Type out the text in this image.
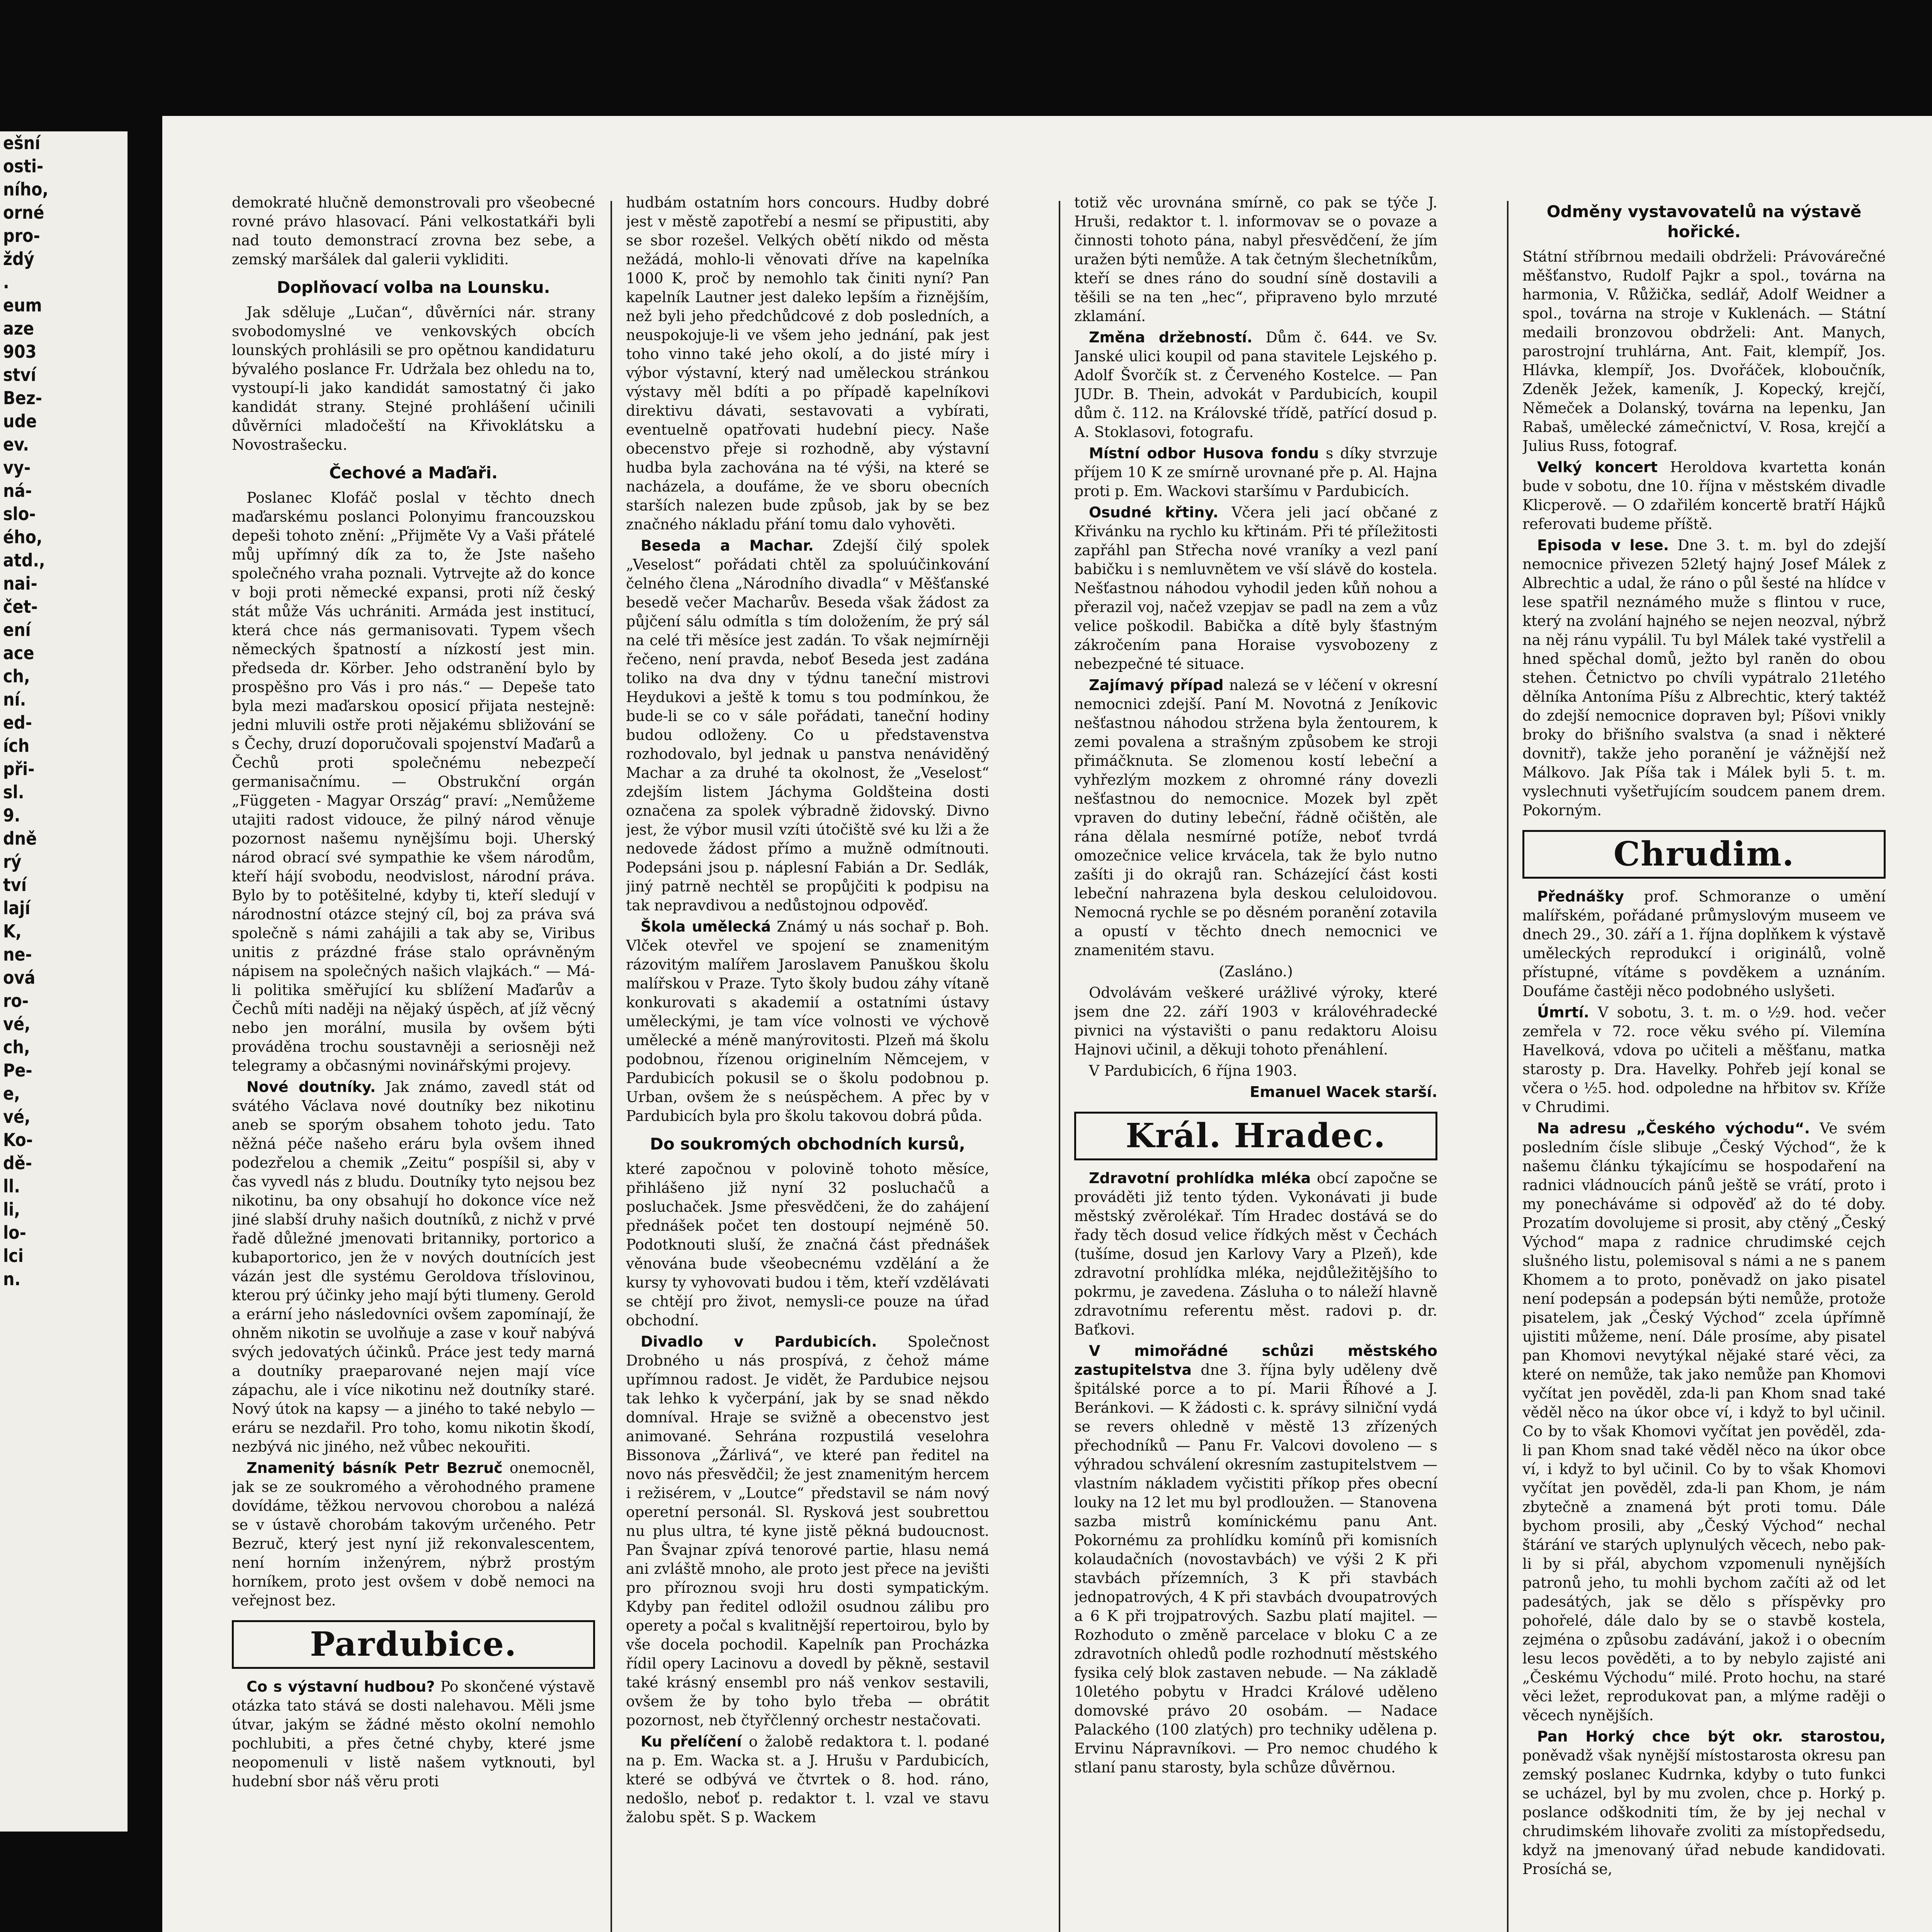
ešní
osti-
ního,
orné
pro-
ždý
.
eum
aze
903
ství
Bez-
ude
ev.
vy-
ná-
slo-
ého,
atd.,
nai-
čet-
ení
ace
ch,
ní.
ed-
ích
při-
sl.
9.
dně
rý
tví
lají
K,
ne-
ová
ro-
vé,
ch,
Pe-
e,
vé,
Ko-
dě-
ll.
li,
lo-
lci
n.

demokraté hlučně demonstrovali pro všeobecné rovné právo hlasovací. Páni velkostatkáři byli nad touto demonstrací zrovna bez sebe, a zemský maršálek dal galerii vykliditi.

Doplňovací volba na Lounsku.

Jak sděluje „Lučan“, důvěrníci nár. strany svobodomyslné ve venkovských obcích lounských prohlásili se pro opětnou kandidaturu bývalého poslance Fr. Udržala bez ohledu na to, vystoupí-li jako kandidát samostatný či jako kandidát strany. Stejné prohlášení učinili důvěrníci mladočeští na Křivoklátsku a Novostrašecku.

Čechové a Maďaři.

Poslanec Klofáč poslal v těchto dnech maďarskému poslanci Polonyimu francouzskou depeši tohoto znění: „Přijměte Vy a Vaši přátelé můj upřímný dík za to, že Jste našeho společného vraha poznali. Vytrvejte až do konce v boji proti německé expansi, proti níž český stát může Vás uchrániti. Armáda jest institucí, která chce nás germanisovati. Typem všech německých špatností a nízkostí jest min. předseda dr. Körber. Jeho odstranění bylo by prospěšno pro Vás i pro nás.“ — Depeše tato byla mezi maďarskou oposicí přijata nestejně: jedni mluvili ostře proti nějakému sbližování se s Čechy, druzí doporučovali spojenství Maďarů a Čechů proti společnému nebezpečí germanisačnímu. — Obstrukční orgán „Függeten - Magyar Ország“ praví: „Nemůžeme utajiti radost vidouce, že pilný národ věnuje pozornost našemu nynějšímu boji. Uherský národ obrací své sympathie ke všem národům, kteří hájí svobodu, neodvislost, národní práva. Bylo by to potěšitelné, kdyby ti, kteří sledují v národnostní otázce stejný cíl, boj za práva svá společně s námi zahájili a tak aby se, Viribus unitis z prázdné fráse stalo oprávněným nápisem na společných našich vlajkách.“ — Má-li politika směřující ku sblížení Maďarův a Čechů míti naději na nějaký úspěch, ať jíž věcný nebo jen morální, musila by ovšem býti prováděna trochu soustavněji a seriosněji než telegramy a občasnými novinářskými projevy.

Nové doutníky. Jak známo, zavedl stát od svátého Václava nové doutníky bez nikotinu aneb se sporým obsahem tohoto jedu. Tato něžná péče našeho eráru byla ovšem ihned podezřelou a chemik „Zeitu“ pospíšil si, aby v čas vyvedl nás z bludu. Doutníky tyto nejsou bez nikotinu, ba ony obsahují ho dokonce více než jiné slabší druhy našich doutníků, z nichž v prvé řadě důležné jmenovati britanniky, portorico a kubaportorico, jen že v nových doutnících jest vázán jest dle systému Geroldova tříslovinou, kterou prý účinky jeho mají býti tlumeny. Gerold a erární jeho následovníci ovšem zapomínají, že ohněm nikotin se uvolňuje a zase v kouř nabývá svých jedovatých účinků. Práce jest tedy marná a doutníky praeparované nejen mají více zápachu, ale i více nikotinu než doutníky staré. Nový útok na kapsy — a jiného to také nebylo — eráru se nezdařil. Pro toho, komu nikotin škodí, nezbývá nic jiného, než vůbec nekouřiti.

Znamenitý básník Petr Bezruč onemocněl, jak se ze soukromého a věrohodného pramene dovídáme, těžkou nervovou chorobou a nalézá se v ústavě chorobám takovým určeného. Petr Bezruč, který jest nyní již rekonvalescentem, není horním inženýrem, nýbrž prostým horníkem, proto jest ovšem v době nemoci na veřejnost bez.

Pardubice.

Co s výstavní hudbou? Po skončené výstavě otázka tato stává se dosti nalehavou. Měli jsme útvar, jakým se žádné město okolní nemohlo pochlubiti, a přes četné chyby, které jsme neopomenuli v listě našem vytknouti, byl hudební sbor náš věru proti

hudbám ostatním hors concours. Hudby dobré jest v městě zapotřebí a nesmí se připustiti, aby se sbor rozešel. Velkých obětí nikdo od města nežádá, mohlo-li věnovati dříve na kapelníka 1000 K, proč by nemohlo tak činiti nyní? Pan kapelník Lautner jest daleko lepším a řiznějším, než byli jeho předchůdcové z dob posledních, a neuspokojuje-li ve všem jeho jednání, pak jest toho vinno také jeho okolí, a do jisté míry i výbor výstavní, který nad uměleckou stránkou výstavy měl bdíti a po případě kapelníkovi direktivu dávati, sestavovati a vybírati, eventuelně opatřovati hudební piecy. Naše obecenstvo přeje si rozhodně, aby výstavní hudba byla zachována na té výši, na které se nacházela, a doufáme, že ve sboru obecních starších nalezen bude způsob, jak by se bez značného nákladu přání tomu dalo vyhověti.

Beseda a Machar. Zdejší čilý spolek „Veselost“ pořádati chtěl za spoluúčinkování čelného člena „Národního divadla“ v Měšťanské besedě večer Macharův. Beseda však žádost za půjčení sálu odmítla s tím doložením, že prý sál na celé tři měsíce jest zadán. To však nejmírněji řečeno, není pravda, neboť Beseda jest zadána toliko na dva dny v týdnu taneční mistrovi Heydukovi a ještě k tomu s tou podmínkou, že bude-li se co v sále pořádati, taneční hodiny budou odloženy. Co u představenstva rozhodovalo, byl jednak u panstva nenáviděný Machar a za druhé ta okolnost, že „Veselost“ zdejším listem Jáchyma Goldšteina dosti označena za spolek výbradně židovský. Divno jest, že výbor musil vzíti útočiště své ku lži a že nedovede žádost přímo a mužně odmítnouti. Podepsáni jsou p. náplesní Fabián a Dr. Sedlák, jiný patrně nechtěl se propůjčiti k podpisu na tak nepravdivou a nedůstojnou odpověď.

Škola umělecká Známý u nás sochař p. Boh. Vlček otevřel ve spojení se znamenitým rázovitým malířem Jaroslavem Panuškou školu malířskou v Praze. Tyto školy budou záhy vítaně konkurovati s akademií a ostatními ústavy uměleckými, je tam více volnosti ve výchově umělecké a méně manýrovitosti. Plzeň má školu podobnou, řízenou originelním Němcejem, v Pardubicích pokusil se o školu podobnou p. Urban, ovšem že s neúspěchem. A přec by v Pardubicích byla pro školu takovou dobrá půda.

Do soukromých obchodních kursů,

které započnou v polovině tohoto měsíce, přihlášeno již nyní 32 posluchačů a posluchaček. Jsme přesvědčeni, že do zahájení přednášek počet ten dostoupí nejméně 50. Podotknouti sluší, že značná část přednášek věnována bude všeobecnému vzdělání a že kursy ty vyhovovati budou i těm, kteří vzdělávati se chtějí pro život, nemysli-ce pouze na úřad obchodní.

Divadlo v Pardubicích. Společnost Drobného u nás prospívá, z čehož máme upřímnou radost. Je vidět, že Pardubice nejsou tak lehko k vyčerpání, jak by se snad někdo domníval. Hraje se svižně a obecenstvo jest animované. Sehrána rozpustilá veselohra Bissonova „Žárlivá“, ve které pan ředitel na novo nás přesvědčil; že jest znamenitým hercem i režisérem, v „Loutce“ představil se nám nový operetní personál. Sl. Rysková jest soubrettou nu plus ultra, té kyne jistě pěkná budoucnost. Pan Švajnar zpívá tenorové partie, hlasu nemá ani zvláště mnoho, ale proto jest přece na jevišti pro příroznou svoji hru dosti sympatickým. Kdyby pan ředitel odložil osudnou zálibu pro operety a počal s kvalitnější repertoirou, bylo by vše docela pochodil. Kapelník pan Procházka řídil opery Lacinovu a dovedl by pěkně, sestavil také krásný ensembl pro náš venkov sestavili, ovšem že by toho bylo třeba — obrátit pozornost, neb čtyřčlenný orchestr nestačovati.

Ku přelíčení o žalobě redaktora t. l. podané na p. Em. Wacka st. a J. Hrušu v Pardubicích, které se odbývá ve čtvrtek o 8. hod. ráno, nedošlo, neboť p. redaktor t. l. vzal ve stavu žalobu spět. S p. Wackem

totiž věc urovnána smírně, co pak se týče J. Hruši, redaktor t. l. informovav se o povaze a činnosti tohoto pána, nabyl přesvědčení, že jím uražen býti nemůže. A tak četným šlechetníkům, kteří se dnes ráno do soudní síně dostavili a těšili se na ten „hec“, připraveno bylo mrzuté zklamání.

Změna držebností. Dům č. 644. ve Sv. Janské ulici koupil od pana stavitele Lejského p. Adolf Švorčík st. z Červeného Kostelce. — Pan JUDr. B. Thein, advokát v Pardubicích, koupil dům č. 112. na Královské třídě, patřící dosud p. A. Stoklasovi, fotografu.

Místní odbor Husova fondu s díky stvrzuje příjem 10 K ze smírně urovnané pře p. Al. Hajna proti p. Em. Wackovi staršímu v Pardubicích.

Osudné křtiny. Včera jeli jací občané z Křivánku na rychlo ku křtinám. Při té příležitosti zapřáhl pan Střecha nové vraníky a vezl paní babičku i s nemluvnětem ve vší slávě do kostela. Nešťastnou náhodou vyhodil jeden kůň nohou a přerazil voj, načež vzepjav se padl na zem a vůz velice poškodil. Babička a dítě byly šťastným zákročením pana Horaise vysvobozeny z nebezpečné té situace.

Zajímavý případ nalezá se v léčení v okresní nemocnici zdejší. Paní M. Novotná z Jeníkovic nešťastnou náhodou stržena byla žentourem, k zemi povalena a strašným způsobem ke stroji přimáčknuta. Se zlomenou kostí lebeční a vyhřezlým mozkem z ohromné rány dovezli nešťastnou do nemocnice. Mozek byl zpět vpraven do dutiny lebeční, řádně očištěn, ale rána dělala nesmírné potíže, neboť tvrdá omozečnice velice krvácela, tak že bylo nutno zašíti ji do okrajů ran. Scházející část kosti lebeční nahrazena byla deskou celuloidovou. Nemocná rychle se po děsném poranění zotavila a opustí v těchto dnech nemocnici ve znamenitém stavu.

(Zasláno.)

Odvolávám veškeré urážlivé výroky, které jsem dne 22. září 1903 v královéhradecké pivnici na výstavišti o panu redaktoru Aloisu Hajnovi učinil, a děkuji tohoto přenáhlení.

V Pardubicích, 6 října 1903.

Emanuel Wacek starší.

Král. Hradec.

Zdravotní prohlídka mléka obcí započne se prováděti již tento týden. Vykonávati ji bude městský zvěrolékař. Tím Hradec dostává se do řady těch dosud velice řídkých měst v Čechách (tušíme, dosud jen Karlovy Vary a Plzeň), kde zdravotní prohlídka mléka, nejdůležitějšího to pokrmu, je zavedena. Zásluha o to náleží hlavně zdravotnímu referentu měst. radovi p. dr. Baťkovi.

V mimořádné schůzi městského zastupitelstva dne 3. října byly uděleny dvě špitálské porce a to pí. Marii Říhové a J. Beránkovi. — K žádosti c. k. správy silniční vydá se revers ohledně v městě 13 zřízených přechodníků — Panu Fr. Valcovi dovoleno — s výhradou schválení okresním zastupitelstvem — vlastním nákladem vyčistiti příkop přes obecní louky na 12 let mu byl prodloužen. — Stanovena sazba mistrů komínickému panu Ant. Pokornému za prohlídku komínů při komisních kolaudačních (novostavbách) ve výši 2 K při stavbách přízemních, 3 K při stavbách jednopatrových, 4 K při stavbách dvoupatrových a 6 K při trojpatrových. Sazbu platí majitel. — Rozhoduto o změně parcelace v bloku C a ze zdravotních ohledů podle rozhodnutí městského fysika celý blok zastaven nebude. — Na základě 10letého pobytu v Hradci Králové uděleno domovské právo 20 osobám. — Nadace Palackého (100 zlatých) pro techniky udělena p. Ervinu Nápravníkovi. — Pro nemoc chudého k stlaní panu starosty, byla schůze důvěrnou.

Odměny vystavovatelů na výstavě hořické.

Státní stříbrnou medaili obdrželi: Právovárečné měšťanstvo, Rudolf Pajkr a spol., továrna na harmonia, V. Růžička, sedlář, Adolf Weidner a spol., továrna na stroje v Kuklenách. — Státní medaili bronzovou obdrželi: Ant. Manych, parostrojní truhlárna, Ant. Fait, klempíř, Jos. Hlávka, klempíř, Jos. Dvořáček, kloboučník, Zdeněk Ježek, kameník, J. Kopecký, krejčí, Němeček a Dolanský, továrna na lepenku, Jan Rabaš, umělecké zámečnictví, V. Rosa, krejčí a Julius Russ, fotograf.

Velký koncert Heroldova kvartetta konán bude v sobotu, dne 10. října v městském divadle Klicperově. — O zdařilém koncertě bratří Hájků referovati budeme příště.

Episoda v lese. Dne 3. t. m. byl do zdejší nemocnice přivezen 52letý hajný Josef Málek z Albrechtic a udal, že ráno o půl šesté na hlídce v lese spatřil neznámého muže s flintou v ruce, který na zvolání hajného se nejen neozval, nýbrž na něj ránu vypálil. Tu byl Málek také vystřelil a hned spěchal domů, ježto byl raněn do obou stehen. Četnictvo po chvíli vypátralo 21letého dělníka Antoníma Píšu z Albrechtic, který taktéž do zdejší nemocnice dopraven byl; Píšovi vnikly broky do břišního svalstva (a snad i některé dovnitř), takže jeho poranění je vážnější než Málkovo. Jak Píša tak i Málek byli 5. t. m. vyslechnuti vyšetřujícím soudcem panem drem. Pokorným.

Chrudim.

Přednášky prof. Schmoranze o umění malířském, pořádané průmyslovým museem ve dnech 29., 30. září a 1. října doplňkem k výstavě uměleckých reprodukcí i originálů, volně přístupné, vítáme s povděkem a uznáním. Doufáme častěji něco podobného uslyšeti.

Úmrtí. V sobotu, 3. t. m. o ½9. hod. večer zemřela v 72. roce věku svého pí. Vilemína Havelková, vdova po učiteli a měšťanu, matka starosty p. Dra. Havelky. Pohřeb její konal se včera o ½5. hod. odpoledne na hřbitov sv. Kříže v Chrudimi.

Na adresu „Českého východu“. Ve svém posledním čísle slibuje „Český Východ“, že k našemu článku týkajícímu se hospodaření na radnici vládnoucích pánů ještě se vrátí, proto i my ponecháváme si odpověď až do té doby. Prozatím dovolujeme si prosit, aby ctěný „Český Východ“ mapa z radnice chrudimské cejch slušného listu, polemisoval s námi a ne s panem Khomem a to proto, poněvadž on jako pisatel není podepsán a podepsán býti nemůže, protože pisatelem, jak „Český Východ“ zcela úpřímně ujistiti můžeme, není. Dále prosíme, aby pisatel pan Khomovi nevytýkal nějaké staré věci, za které on nemůže, tak jako nemůže pan Khomovi vyčítat jen pověděl, zda-li pan Khom snad také věděl něco na úkor obce ví, i když to byl učinil. Co by to však Khomovi vyčítat jen pověděl, zda-li pan Khom snad také věděl něco na úkor obce ví, i když to byl učinil. Co by to však Khomovi vyčítat jen pověděl, zda-li pan Khom, je nám zbytečně a znamená být proti tomu. Dále bychom prosili, aby „Český Východ“ nechal štárání ve starých uplynulých věcech, nebo pak-li by si přál, abychom vzpomenuli nynějších patronů jeho, tu mohli bychom začíti až od let padesátých, jak se dělo s příspěvky pro pohořelé, dále dalo by se o stavbě kostela, zejména o způsobu zadávání, jakož i o obecním lesu lecos pověděti, a to by nebylo zajisté ani „Českému Východu“ milé. Proto hochu, na staré věci ležet, reprodukovat pan, a mlýme raději o věcech nynějších.

Pan Horký chce být okr. starostou, poněvadž však nynější místostarosta okresu pan zemský poslanec Kudrnka, kdyby o tuto funkci se ucházel, byl by mu zvolen, chce p. Horký p. poslance odškodniti tím, že by jej nechal v chrudimském lihovaře zvoliti za místopředsedu, když na jmenovaný úřad nebude kandidovati. Prosíchá se,
